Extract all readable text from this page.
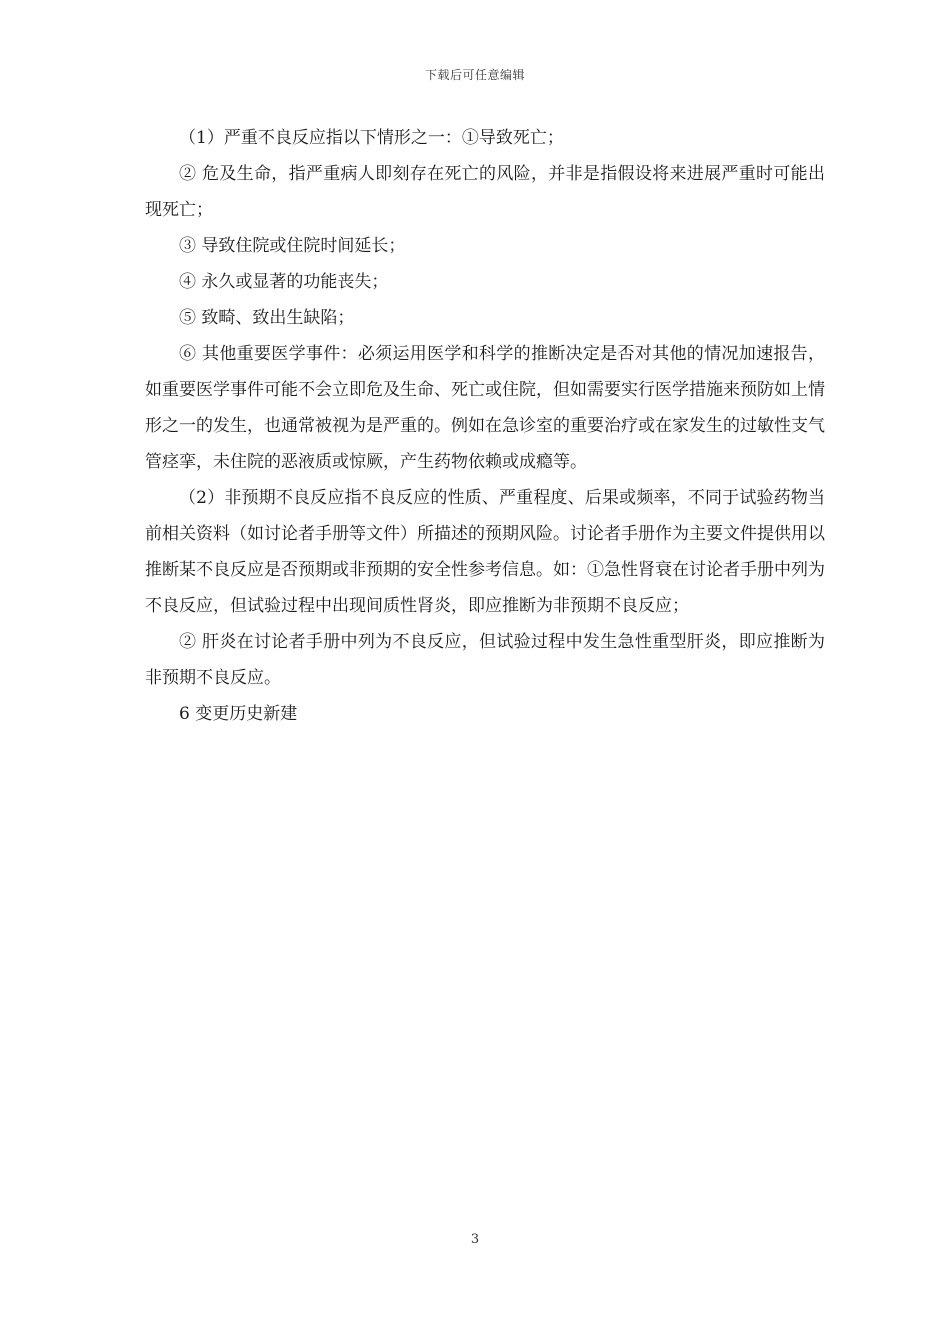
下载后可任意编辑

（1）严重不良反应指以下情形之一：①导致死亡；

② 危及生命，指严重病人即刻存在死亡的风险，并非是指假设将来进展严重时可能出现死亡；

③ 导致住院或住院时间延长；

④ 永久或显著的功能丧失；

⑤ 致畸、致出生缺陷；

⑥ 其他重要医学事件：必须运用医学和科学的推断决定是否对其他的情况加速报告，如重要医学事件可能不会立即危及生命、死亡或住院，但如需要实行医学措施来预防如上情形之一的发生，也通常被视为是严重的。例如在急诊室的重要治疗或在家发生的过敏性支气管痉挛，未住院的恶液质或惊厥，产生药物依赖或成瘾等。

（2）非预期不良反应指不良反应的性质、严重程度、后果或频率，不同于试验药物当前相关资料（如讨论者手册等文件）所描述的预期风险。讨论者手册作为主要文件提供用以推断某不良反应是否预期或非预期的安全性参考信息。如：①急性肾衰在讨论者手册中列为不良反应，但试验过程中出现间质性肾炎，即应推断为非预期不良反应；

② 肝炎在讨论者手册中列为不良反应，但试验过程中发生急性重型肝炎，即应推断为非预期不良反应。

6 变更历史新建

3
